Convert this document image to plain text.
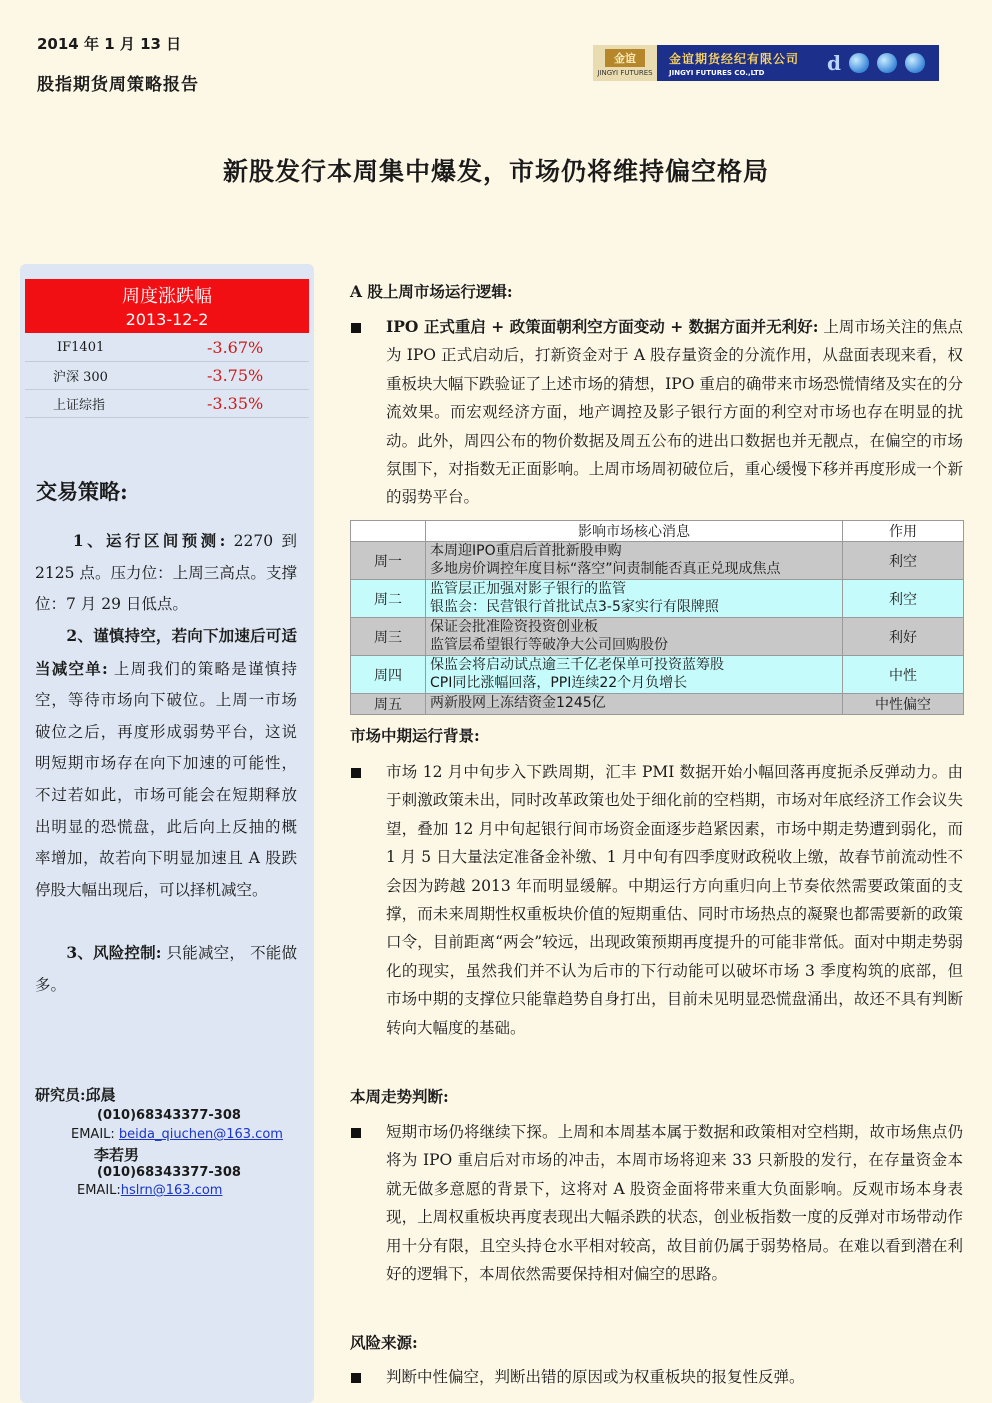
2014 年 1 月 13 日
股指期货周策略报告
金谊
JINGYI FUTURES
金谊期货经纪有限公司
JINGYI FUTURES CO.,LTD	d
新股发行本周集中爆发，市场仍将维持偏空格局
周度涨跌幅
2013-12-2
IF1401	-3.67%
沪深 300	-3.75%
上证综指	-3.35%
交易策略:
　　1、运行区间预测: 2270 到 2125 点。压力位：上周三高点。支撑位：7 月 29 日低点。
　　2、谨慎持空，若向下加速后可适当减空单: 上周我们的策略是谨慎持空，等待市场向下破位。上周一市场破位之后，再度形成弱势平台，这说明短期市场存在向下加速的可能性，不过若如此，市场可能会在短期释放出明显的恐慌盘，此后向上反抽的概率增加，故若向下明显加速且 A 股跌停股大幅出现后，可以择机减空。
　　3、风险控制: 只能减空， 不能做多。
研究员:邱晨
(010)68343377-308
EMAIL: beida_qiuchen@163.com
李若男
(010)68343377-308
EMAIL:hslrn@163.com
A 股上周市场运行逻辑:
IPO 正式重启 + 政策面朝利空方面变动 + 数据方面并无利好: 上周市场关注的焦点为 IPO 正式启动后，打新资金对于 A 股存量资金的分流作用，从盘面表现来看，权重板块大幅下跌验证了上述市场的猜想，IPO 重启的确带来市场恐慌情绪及实在的分流效果。而宏观经济方面，地产调控及影子银行方面的利空对市场也存在明显的扰动。此外，周四公布的物价数据及周五公布的进出口数据也并无靓点，在偏空的市场氛围下，对指数无正面影响。上周市场周初破位后，重心缓慢下移并再度形成一个新的弱势平台。
	影响市场核心消息	作用
周一	本周迎IPO重启后首批新股申购
多地房价调控年度目标“落空”问责制能否真正兑现成焦点	利空
周二	监管层正加强对影子银行的监管
银监会：民营银行首批试点3-5家实行有限牌照	利空
周三	保证会批准险资投资创业板
监管层希望银行等破净大公司回购股份	利好
周四	保监会将启动试点逾三千亿老保单可投资蓝筹股
CPI同比涨幅回落，PPI连续22个月负增长	中性
周五	两新股网上冻结资金1245亿	中性偏空
市场中期运行背景:
市场 12 月中旬步入下跌周期，汇丰 PMI 数据开始小幅回落再度扼杀反弹动力。由于刺激政策未出，同时改革政策也处于细化前的空档期，市场对年底经济工作会议失望，叠加 12 月中旬起银行间市场资金面逐步趋紧因素，市场中期走势遭到弱化，而 1 月 5 日大量法定准备金补缴、1 月中旬有四季度财政税收上缴，故春节前流动性不会因为跨越 2013 年而明显缓解。中期运行方向重归向上节奏依然需要政策面的支撑，而未来周期性权重板块价值的短期重估、同时市场热点的凝聚也都需要新的政策口令，目前距离“两会”较远，出现政策预期再度提升的可能非常低。面对中期走势弱化的现实，虽然我们并不认为后市的下行动能可以破坏市场 3 季度构筑的底部，但市场中期的支撑位只能靠趋势自身打出，目前未见明显恐慌盘涌出，故还不具有判断转向大幅度的基础。
本周走势判断:
短期市场仍将继续下探。上周和本周基本属于数据和政策相对空档期，故市场焦点仍将为 IPO 重启后对市场的冲击，本周市场将迎来 33 只新股的发行，在存量资金本就无做多意愿的背景下，这将对 A 股资金面将带来重大负面影响。反观市场本身表现，上周权重板块再度表现出大幅杀跌的状态，创业板指数一度的反弹对市场带动作用十分有限，且空头持仓水平相对较高，故目前仍属于弱势格局。在难以看到潜在利好的逻辑下，本周依然需要保持相对偏空的思路。
风险来源:
判断中性偏空，判断出错的原因或为权重板块的报复性反弹。
